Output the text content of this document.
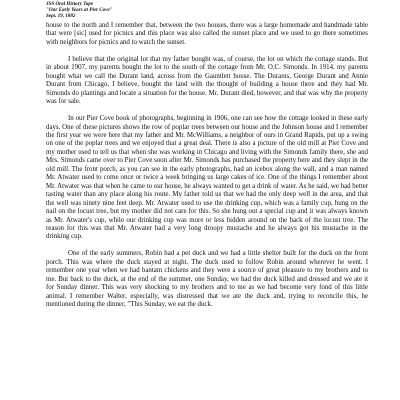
JSS Oral History Tape
"Our Early Years at Pier Cove"
Sept. 19, 1882

house to the north and I remember that, between the two houses, there was a large homemade and handmade table that were [sic] used for picnics and this place was also called the sunset place and we used to go there sometimes with neighbors for picnics and to watch the sunset.

I believe that the original lot that my father bought was, of course, the lot on which the cottage stands. But in about 1907, my parents bought the lot to the south of the cottage from Mr. O.C. Simonds. In 1914, my parents bought what we call the Durant land, across from the Gauntlett house. The Durants, George Durant and Annie Durant from Chicago, I believe, bought the land with the thought of building a house there and they had Mr. Simonds do plantings and locate a situation for the house. Mr. Durant died, however, and that was why the property was for sale.

In our Pier Cove book of photographs, beginning in 1906, one can see how the cottage looked in these early days. One of these pictures shows the row of poplar trees between our house and the Johnson house and I remember the first year we were here that my father and Mr. McWilliams, a neighbor of ours in Grand Rapids, put up a swing on one of the poplar trees and we enjoyed that a great deal. There is also a picture of the old mill at Pier Cove and my mother used to tell us that when she was working in Chicago and living with the Simonds family there, she and Mrs. Simonds came over to Pier Cove soon after Mr. Simonds has purchased the property here and they slept in the old mill. The front porch, as you can see in the early photographs, had an icebox along the wall, and a man named Mr. Atwater used to come once or twice a week bringing us large cakes of ice. One of the things I remember about Mr. Atwater was that when he came to our house, he always wanted to get a drink of water. As he said, we had better tasting water than any place along his route. My father told us that we had the only deep well in the area, and that the well was ninety nine feet deep. Mr. Atwater used to use the drinking cup, which was a family cup, hung on the nail on the locust tree, but my mother did not care for this. So she hung out a special cup and it was always known as Mr. Atwater's cup, while our drinking cup was more or less hidden around on the back of the locust tree. The reason for this was that Mr. Atwater had a very long droopy mustache and he always got his mustache in the drinking cup.

One of the early summers, Robin had a pet duck and we had a little shelter built for the duck on the front porch. This was where the duck stayed at night. The duck used to follow Robin around wherever he went. I remember one year when we had bantam chickens and they were a source of great pleasure to my brothers and to me. But back to the duck, at the end of the summer, one Sunday, we had the duck killed and dressed and we ate it for Sunday dinner. This was very shocking to my brothers and to me as we had become very fond of this little animal. I remember Walter, especially, was distressed that we ate the duck and, trying to reconcile this, he mentioned during the dinner, "This Sunday, we eat the duck.
